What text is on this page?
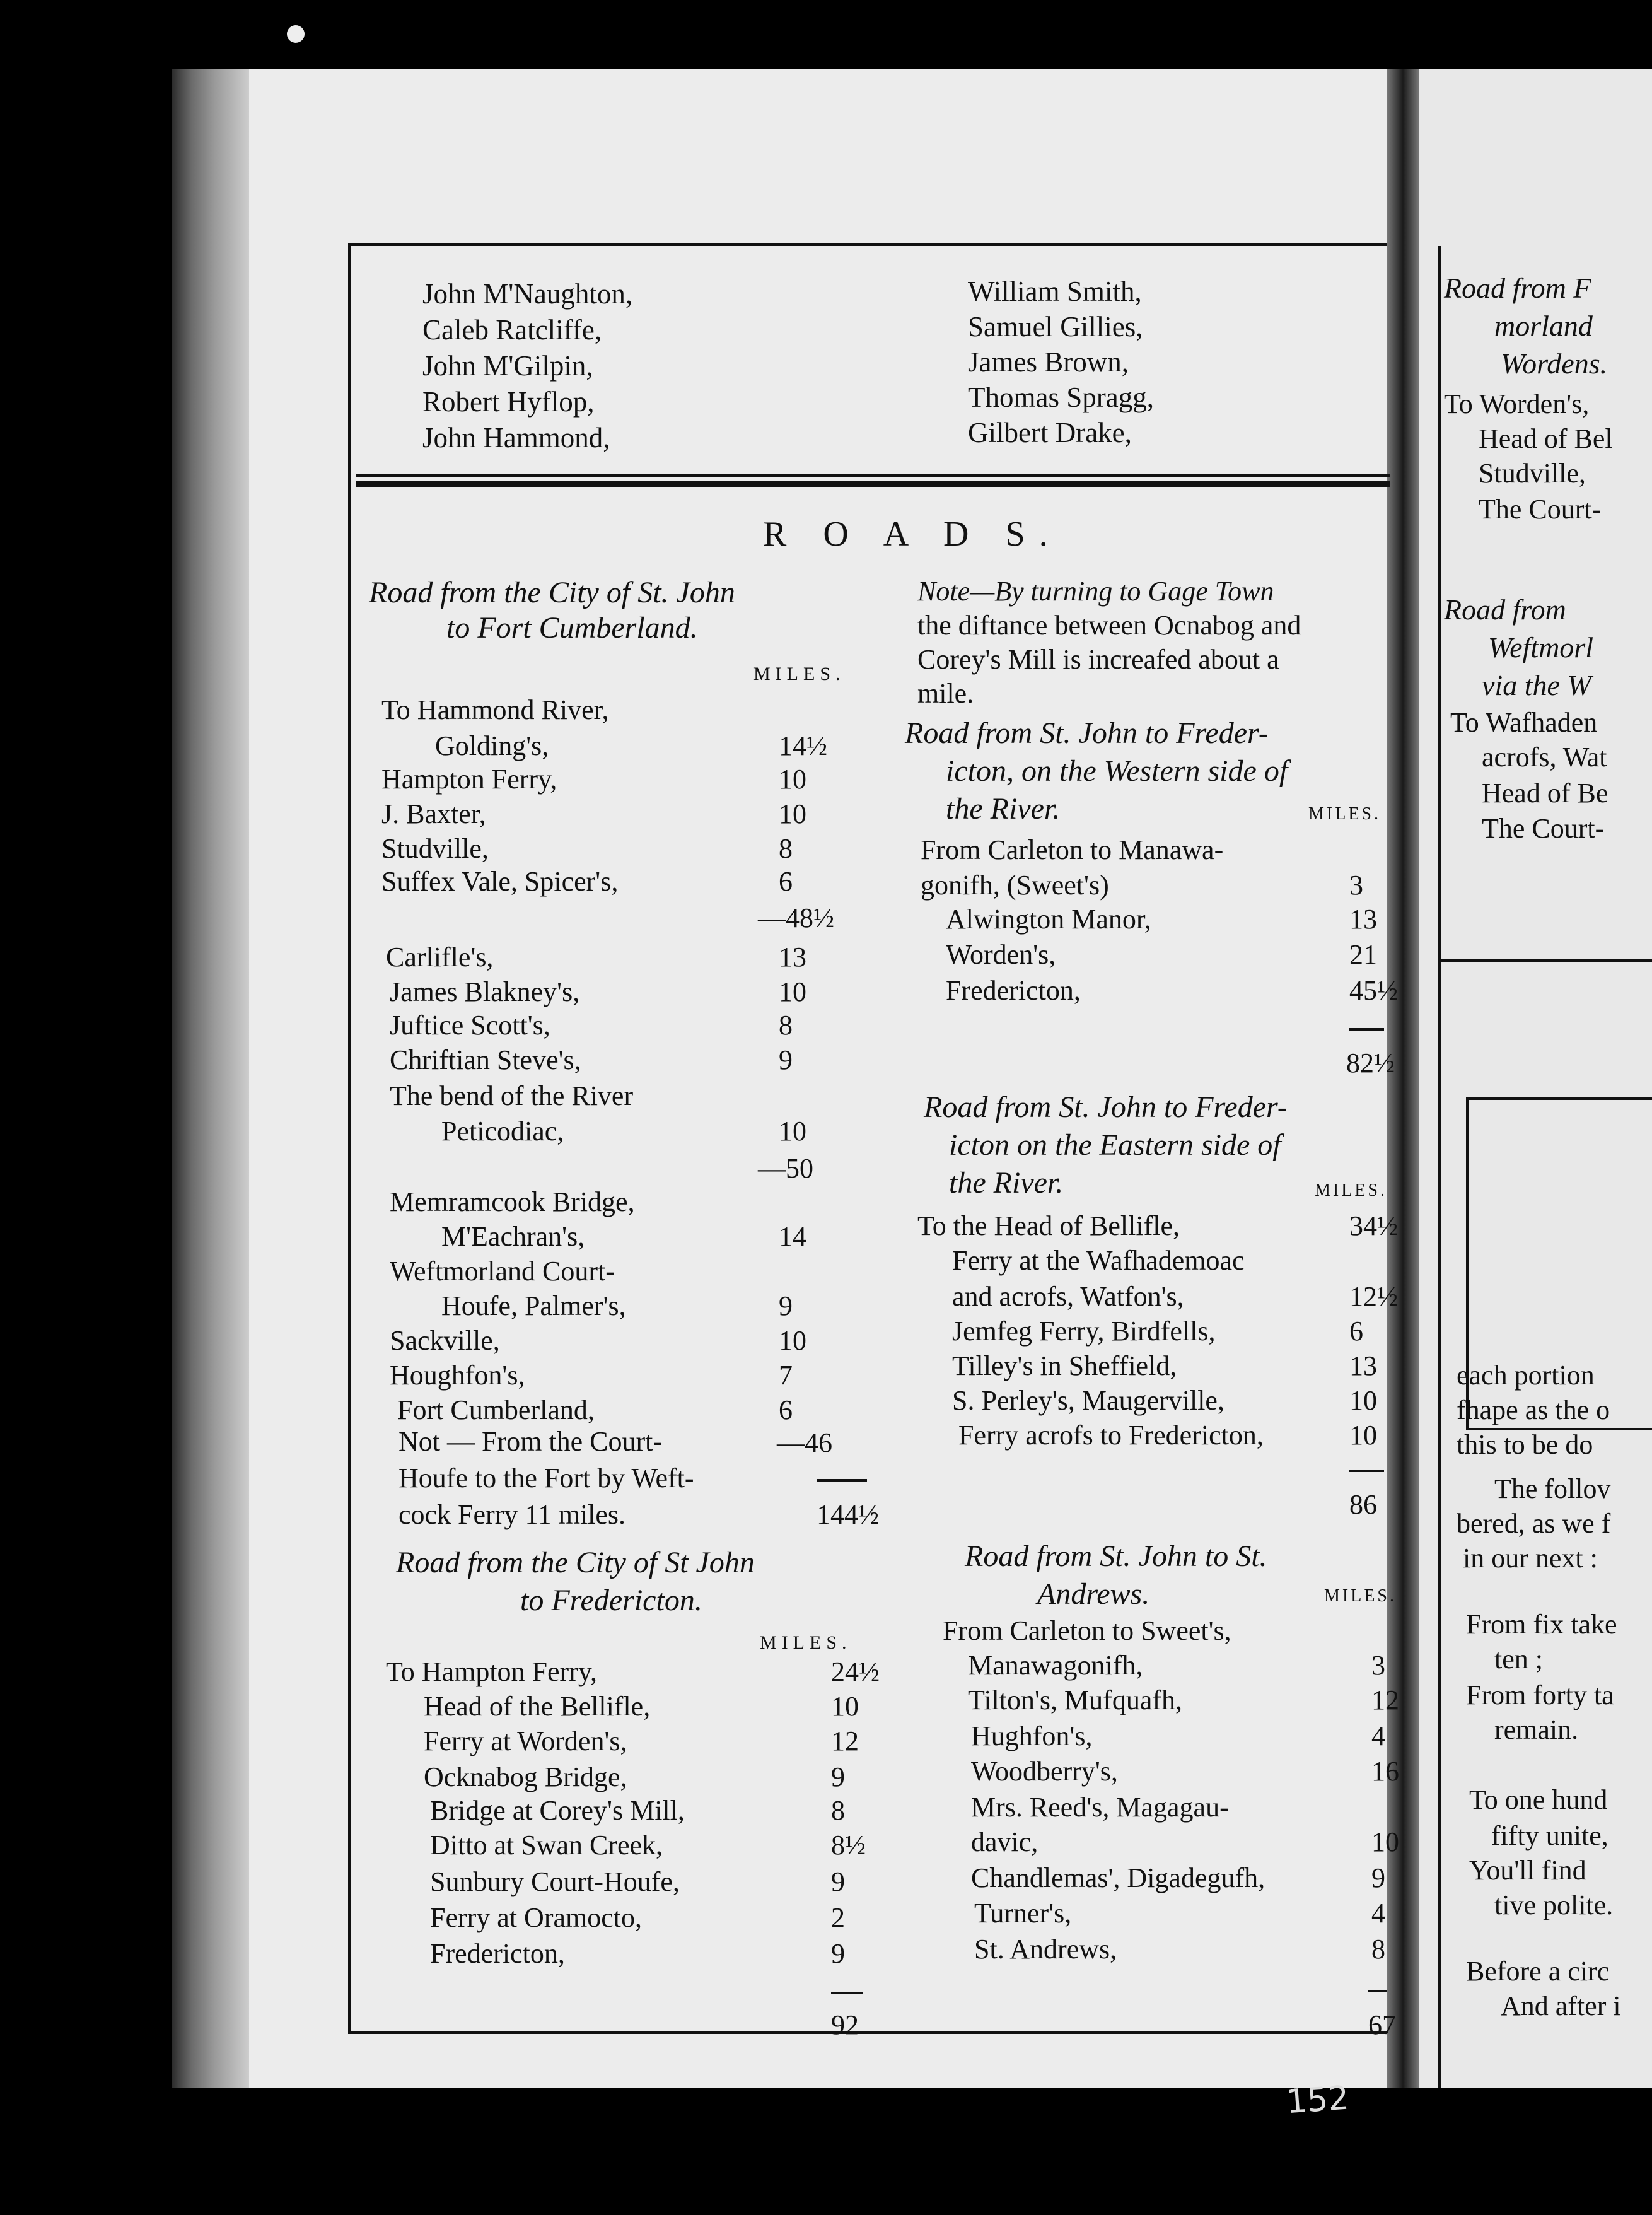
John M'Naughton,
Caleb Ratcliffe,
John M'Gilpin,
Robert Hyflop,
John Hammond,
William Smith,
Samuel Gillies,
James Brown,
Thomas Spragg,
Gilbert Drake,
R O A D S.
Road from the City of St. John
to Fort Cumberland.
MILES.
To Hammond River,
Golding's,	14½
Hampton Ferry,	10
J. Baxter,	10
Studville,	8
Suffex Vale, Spicer's,	6
—48½
Carlifle's,	13
James Blakney's,	10
Juftice Scott's,	8
Chriftian Steve's,	9
The bend of the River
Peticodiac,	10
—50
Memramcook Bridge,
M'Eachran's,	14
Weftmorland Court-
Houfe, Palmer's,	9
Sackville,	10
Houghfon's,	7
Fort Cumberland,	6
Not — From the Court-
Houfe to the Fort by Weft-
cock Ferry 11 miles.
—46
144½
Road from the City of St John
to Fredericton.
MILES.
To Hampton Ferry,	24½
Head of the Bellifle,	10
Ferry at Worden's,	12
Ocknabog Bridge,	9
Bridge at Corey's Mill,	8
Ditto at Swan Creek,	8½
Sunbury Court-Houfe,	9
Ferry at Oramocto,	2
Fredericton,	9
92
Note—By turning to Gage Town
the diftance between Ocnabog and
Corey's Mill is increafed about a
mile.
Road from St. John to Freder-
icton, on the Western side of
the River.	MILES.
From Carleton to Manawa-
gonifh, (Sweet's)	3
Alwington Manor,	13
Worden's,	21
Fredericton,	45½
82½
Road from St. John to Freder-
icton on the Eastern side of
the River.	MILES.
To the Head of Bellifle,	34½
Ferry at the Wafhademoac
and acrofs, Watfon's,	12½
Jemfeg Ferry, Birdfells,	6
Tilley's in Sheffield,	13
S. Perley's, Maugerville,	10
Ferry acrofs to Fredericton,	10
86
Road from St. John to St.
Andrews.	MILES.
From Carleton to Sweet's,
Manawagonifh,	3
Tilton's, Mufquafh,	12
Hughfon's,	4
Woodberry's,	16
Mrs. Reed's, Magagau-
davic,	10
Chandlemas', Digadegufh,	9
Turner's,	4
St. Andrews,	8
67
Road from F
morland
Wordens.
Road from
Weftmorl
via the W
To Worden's,
Head of Bel
Studville,
The Court-
To Wafhaden
acrofs, Wat
Head of Be
The Court-
each portion
fhape as the o
this to be do
The follov
bered, as we f
in our next :
From fix take
ten ;
From forty ta
remain.
To one hund
fifty unite,
You'll find
tive polite.
Before a circ
And after i
152
